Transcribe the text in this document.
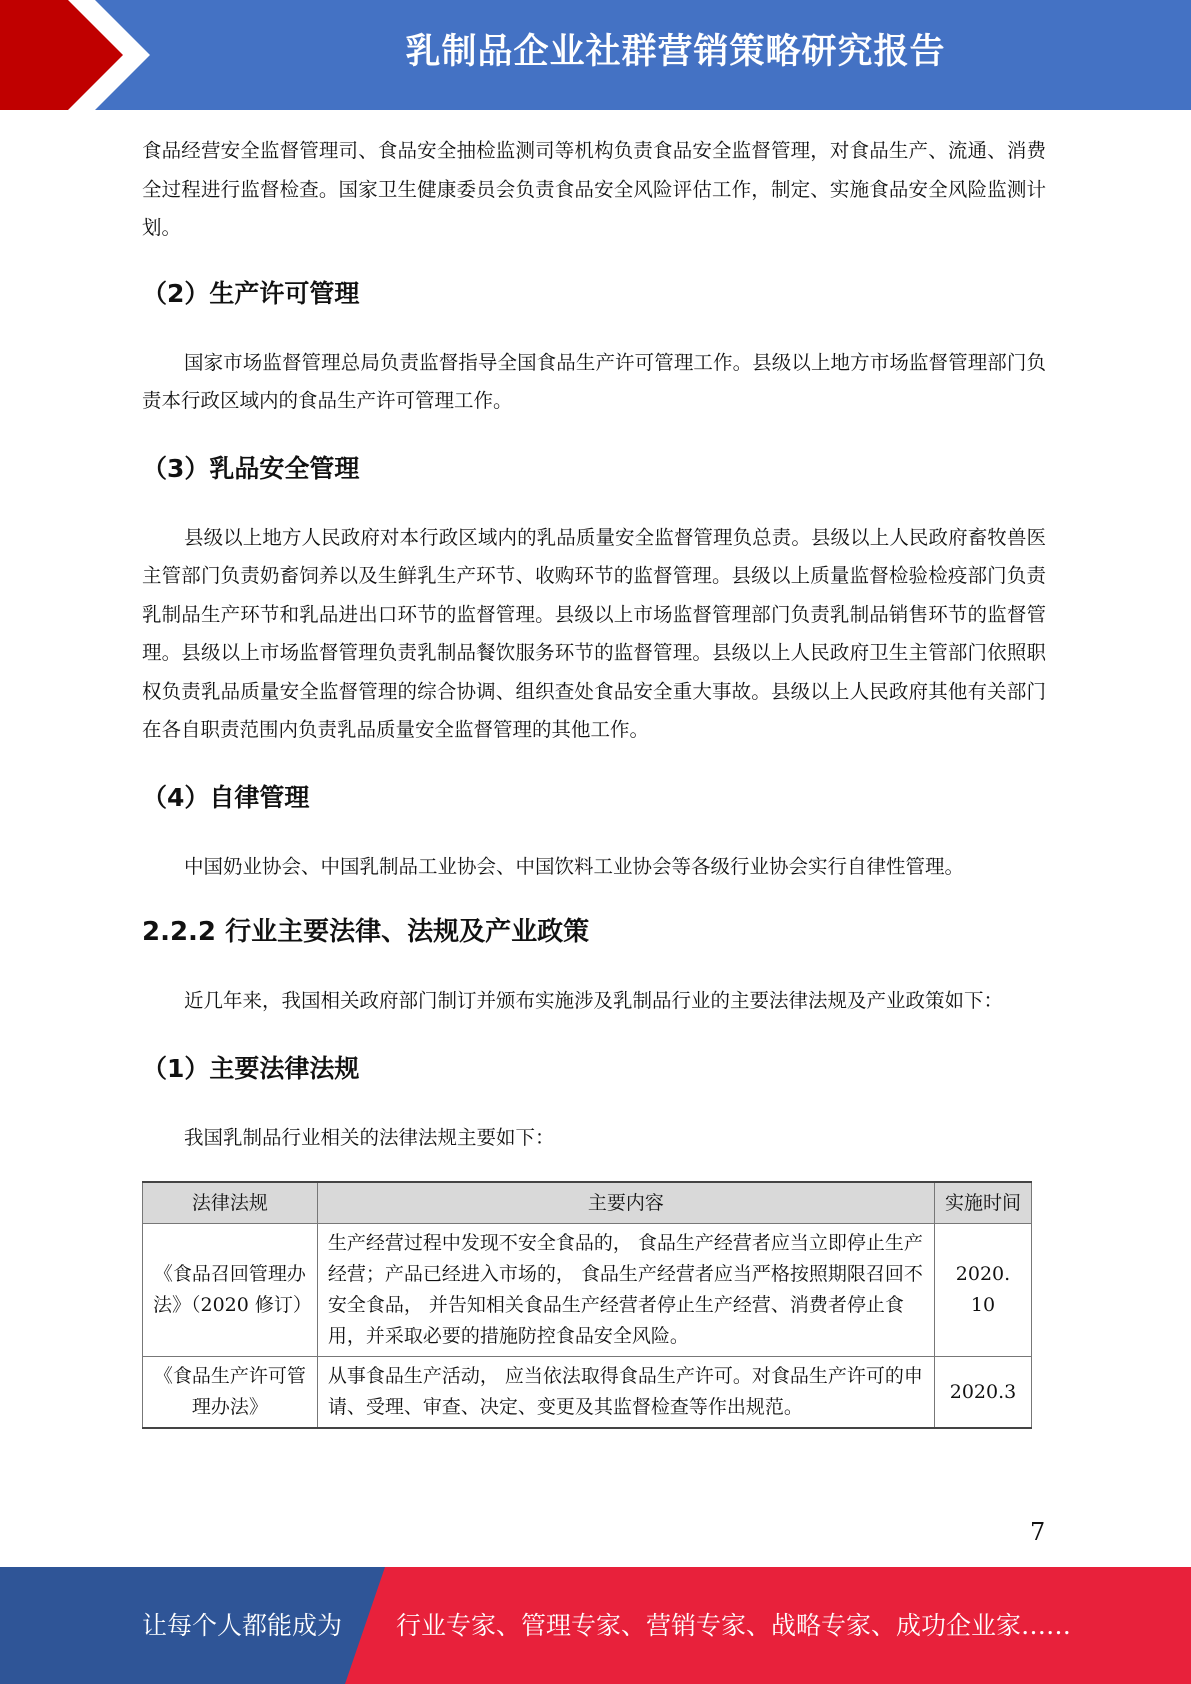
乳制品企业社群营销策略研究报告

食品经营安全监督管理司、食品安全抽检监测司等机构负责食品安全监督管理，对食品生产、流通、消费全过程进行监督检查。国家卫生健康委员会负责食品安全风险评估工作，制定、实施食品安全风险监测计划。

（2）生产许可管理

国家市场监督管理总局负责监督指导全国食品生产许可管理工作。县级以上地方市场监督管理部门负责本行政区域内的食品生产许可管理工作。

（3）乳品安全管理

县级以上地方人民政府对本行政区域内的乳品质量安全监督管理负总责。县级以上人民政府畜牧兽医主管部门负责奶畜饲养以及生鲜乳生产环节、收购环节的监督管理。县级以上质量监督检验检疫部门负责乳制品生产环节和乳品进出口环节的监督管理。县级以上市场监督管理部门负责乳制品销售环节的监督管理。县级以上市场监督管理负责乳制品餐饮服务环节的监督管理。县级以上人民政府卫生主管部门依照职权负责乳品质量安全监督管理的综合协调、组织查处食品安全重大事故。县级以上人民政府其他有关部门在各自职责范围内负责乳品质量安全监督管理的其他工作。

（4）自律管理

中国奶业协会、中国乳制品工业协会、中国饮料工业协会等各级行业协会实行自律性管理。

2.2.2 行业主要法律、法规及产业政策

近几年来，我国相关政府部门制订并颁布实施涉及乳制品行业的主要法律法规及产业政策如下：

（1）主要法律法规

我国乳制品行业相关的法律法规主要如下：

法律法规	主要内容	实施时间
《食品召回管理办法》（2020 修订）	生产经营过程中发现不安全食品的， 食品生产经营者应当立即停止生产经营；产品已经进入市场的， 食品生产经营者应当严格按照期限召回不安全食品， 并告知相关食品生产经营者停止生产经营、消费者停止食用，并采取必要的措施防控食品安全风险。	2020. 10
《食品生产许可管理办法》	从事食品生产活动， 应当依法取得食品生产许可。对食品生产许可的申请、受理、审查、决定、变更及其监督检查等作出规范。	2020.3
7
让每个人都能成为 行业专家、管理专家、营销专家、战略专家、成功企业家……
